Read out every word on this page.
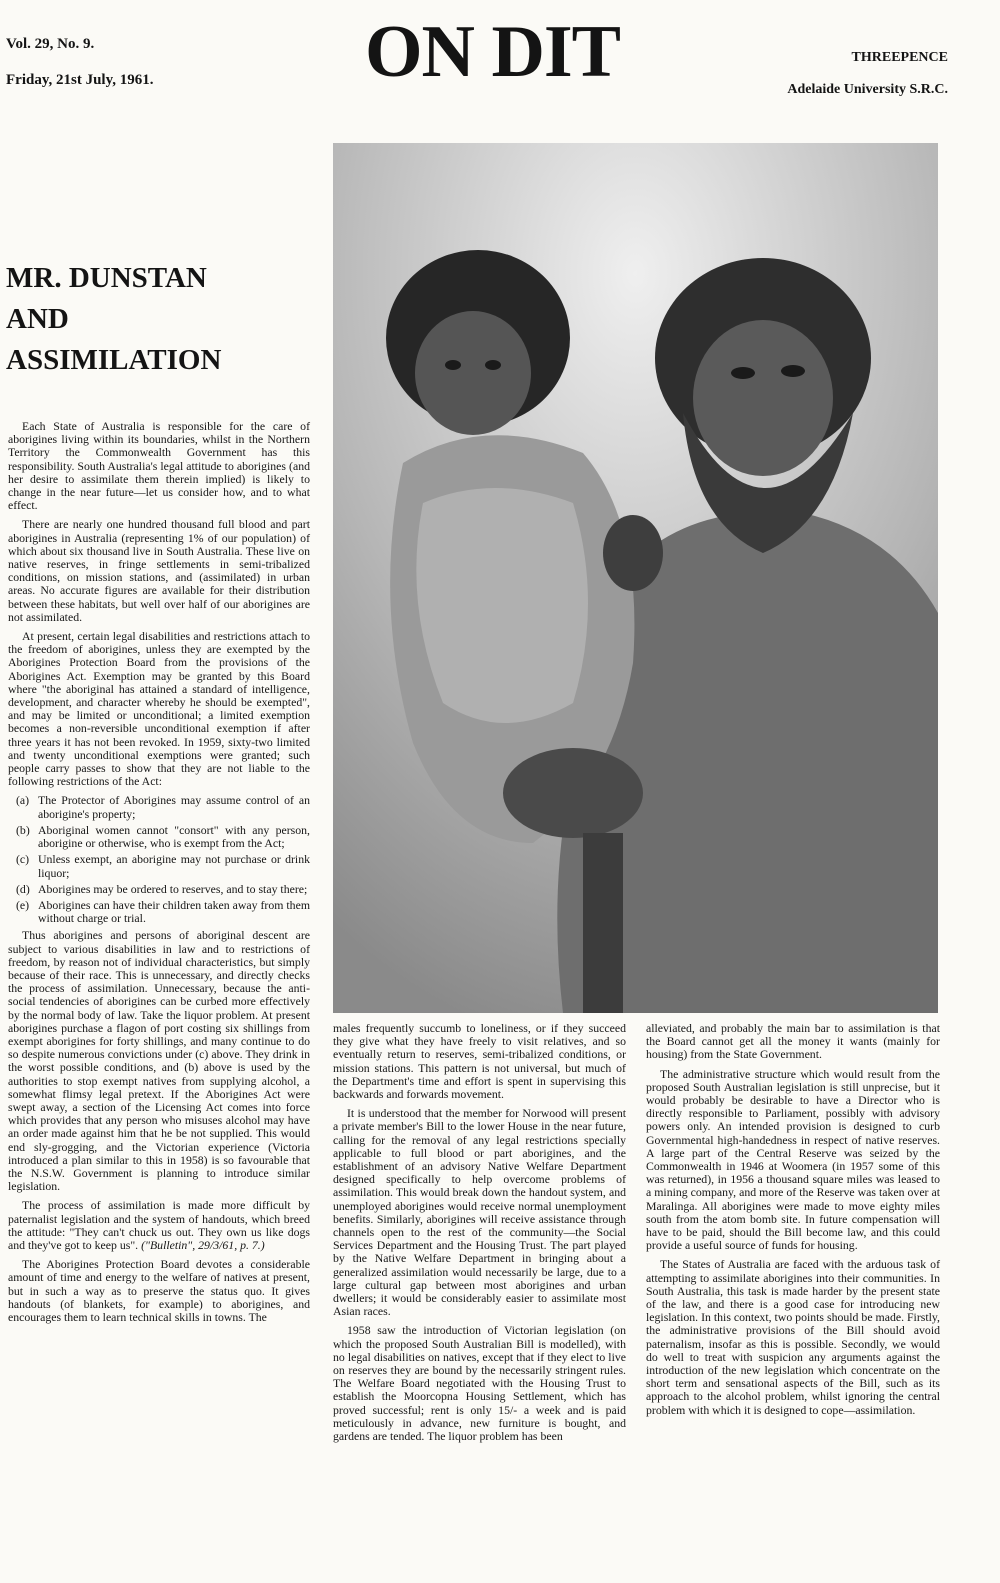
Vol. 29, No. 9.
Friday, 21st July, 1961.	ON DIT	THREEPENCE
Adelaide University S.R.C.
MR. DUNSTAN
AND
ASSIMILATION

Each State of Australia is responsible for the care of aborigines living within its boundaries, whilst in the Northern Territory the Commonwealth Government has this responsibility. South Australia's legal attitude to aborigines (and her desire to assimilate them therein implied) is likely to change in the near future—let us consider how, and to what effect.

There are nearly one hundred thousand full blood and part aborigines in Australia (representing 1% of our population) of which about six thousand live in South Australia. These live on native reserves, in fringe settlements in semi-tribalized conditions, on mission stations, and (assimilated) in urban areas. No accurate figures are available for their distribution between these habitats, but well over half of our aborigines are not assimilated.

At present, certain legal disabilities and restrictions attach to the freedom of aborigines, unless they are exempted by the Aborigines Protection Board from the provisions of the Aborigines Act. Exemption may be granted by this Board where "the aboriginal has attained a standard of intelligence, development, and character whereby he should be exempted", and may be limited or unconditional; a limited exemption becomes a non-reversible unconditional exemption if after three years it has not been revoked. In 1959, sixty-two limited and twenty unconditional exemptions were granted; such people carry passes to show that they are not liable to the following restrictions of the Act:

(a) The Protector of Aborigines may assume control of an aborigine's property;
(b) Aboriginal women cannot "consort" with any person, aborigine or otherwise, who is exempt from the Act;
(c) Unless exempt, an aborigine may not purchase or drink liquor;
(d) Aborigines may be ordered to reserves, and to stay there;
(e) Aborigines can have their children taken away from them without charge or trial.

Thus aborigines and persons of aboriginal descent are subject to various disabilities in law and to restrictions of freedom, by reason not of individual characteristics, but simply because of their race. This is unnecessary, and directly checks the process of assimilation. Unnecessary, because the anti-social tendencies of aborigines can be curbed more effectively by the normal body of law. Take the liquor problem. At present aborigines purchase a flagon of port costing six shillings from exempt aborigines for forty shillings, and many continue to do so despite numerous convictions under (c) above. They drink in the worst possible conditions, and (b) above is used by the authorities to stop exempt natives from supplying alcohol, a somewhat flimsy legal pretext. If the Aborigines Act were swept away, a section of the Licensing Act comes into force which provides that any person who misuses alcohol may have an order made against him that he be not supplied. This would end sly-grogging, and the Victorian experience (Victoria introduced a plan similar to this in 1958) is so favourable that the N.S.W. Government is planning to introduce similar legislation.

The process of assimilation is made more difficult by paternalist legislation and the system of handouts, which breed the attitude: "They can't chuck us out. They own us like dogs and they've got to keep us". ("Bulletin", 29/3/61, p. 7.)

The Aborigines Protection Board devotes a considerable amount of time and energy to the welfare of natives at present, but in such a way as to preserve the status quo. It gives handouts (of blankets, for example) to aborigines, and encourages them to learn technical skills in towns. The

males frequently succumb to loneliness, or if they succeed they give what they have freely to visit relatives, and so eventually return to reserves, semi-tribalized conditions, or mission stations. This pattern is not universal, but much of the Department's time and effort is spent in supervising this backwards and forwards movement.

It is understood that the member for Norwood will present a private member's Bill to the lower House in the near future, calling for the removal of any legal restrictions specially applicable to full blood or part aborigines, and the establishment of an advisory Native Welfare Department designed specifically to help overcome problems of assimilation. This would break down the handout system, and unemployed aborigines would receive normal unemployment benefits. Similarly, aborigines will receive assistance through channels open to the rest of the community—the Social Services Department and the Housing Trust. The part played by the Native Welfare Department in bringing about a generalized assimilation would necessarily be large, due to a large cultural gap between most aborigines and urban dwellers; it would be considerably easier to assimilate most Asian races.

1958 saw the introduction of Victorian legislation (on which the proposed South Australian Bill is modelled), with no legal disabilities on natives, except that if they elect to live on reserves they are bound by the necessarily stringent rules. The Welfare Board negotiated with the Housing Trust to establish the Moorcopna Housing Settlement, which has proved successful; rent is only 15/- a week and is paid meticulously in advance, new furniture is bought, and gardens are tended. The liquor problem has been

alleviated, and probably the main bar to assimilation is that the Board cannot get all the money it wants (mainly for housing) from the State Government.

The administrative structure which would result from the proposed South Australian legislation is still unprecise, but it would probably be desirable to have a Director who is directly responsible to Parliament, possibly with advisory powers only. An intended provision is designed to curb Governmental high-handedness in respect of native reserves. A large part of the Central Reserve was seized by the Commonwealth in 1946 at Woomera (in 1957 some of this was returned), in 1956 a thousand square miles was leased to a mining company, and more of the Reserve was taken over at Maralinga. All aborigines were made to move eighty miles south from the atom bomb site. In future compensation will have to be paid, should the Bill become law, and this could provide a useful source of funds for housing.

The States of Australia are faced with the arduous task of attempting to assimilate aborigines into their communities. In South Australia, this task is made harder by the present state of the law, and there is a good case for introducing new legislation. In this context, two points should be made. Firstly, the administrative provisions of the Bill should avoid paternalism, insofar as this is possible. Secondly, we would do well to treat with suspicion any arguments against the introduction of the new legislation which concentrate on the short term and sensational aspects of the Bill, such as its approach to the alcohol problem, whilst ignoring the central problem with which it is designed to cope—assimilation.
